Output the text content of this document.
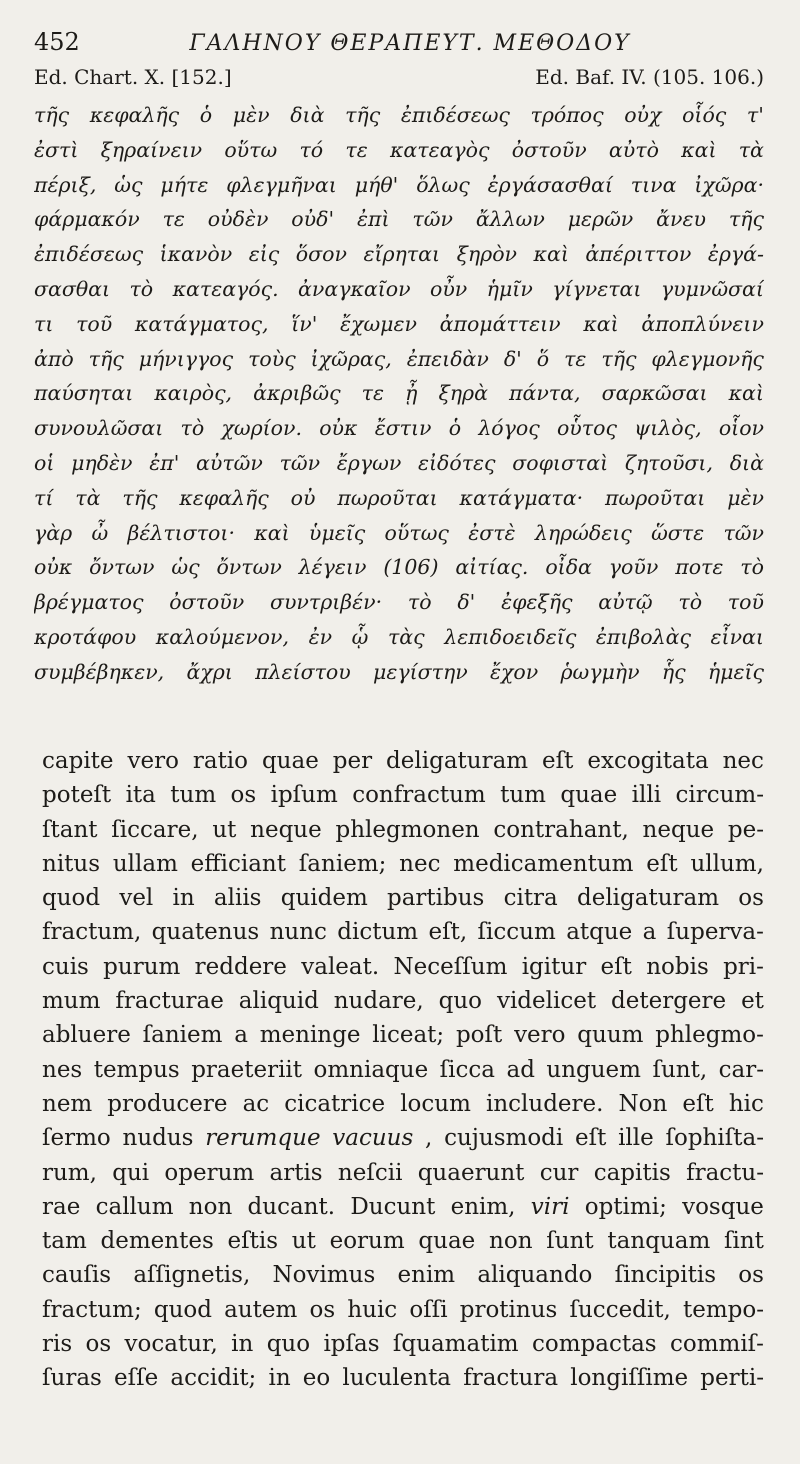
452	ΓΑΛΗΝΟΥ ΘΕΡΑΠΕΥΤ. ΜΕΘΟΔΟΥ
Ed. Chart. X. [152.]	Ed. Baf. IV. (105. 106.)
τῆς κεφαλῆς ὁ μὲν διὰ τῆς ἐπιδέσεως τρόπος οὐχ οἷός τ'
ἐστὶ ξηραίνειν οὕτω τό τε κατεαγὸς ὀστοῦν αὐτὸ καὶ τὰ
πέριξ, ὡς μήτε φλεγμῆναι μήθ' ὅλως ἐργάσασθαί τινα ἰχῶρα·
φάρμακόν τε οὐδὲν οὐδ' ἐπὶ τῶν ἄλλων μερῶν ἄνευ τῆς
ἐπιδέσεως ἱκανὸν εἰς ὅσον εἴρηται ξηρὸν καὶ ἀπέριττον ἐργά-
σασθαι τὸ κατεαγός. ἀναγκαῖον οὖν ἡμῖν γίγνεται γυμνῶσαί
τι τοῦ κατάγματος, ἵν' ἔχωμεν ἀπομάττειν καὶ ἀποπλύνειν
ἀπὸ τῆς μήνιγγος τοὺς ἰχῶρας, ἐπειδὰν δ' ὅ τε τῆς φλεγμονῆς
παύσηται καιρὸς, ἀκριβῶς τε ᾖ ξηρὰ πάντα, σαρκῶσαι καὶ
συνουλῶσαι τὸ χωρίον. οὐκ ἔστιν ὁ λόγος οὗτος ψιλὸς, οἷον
οἱ μηδὲν ἐπ' αὐτῶν τῶν ἔργων εἰδότες σοφισταὶ ζητοῦσι, διὰ
τί τὰ τῆς κεφαλῆς οὐ πωροῦται κατάγματα· πωροῦται μὲν
γὰρ ὦ βέλτιστοι· καὶ ὑμεῖς οὕτως ἐστὲ ληρώδεις ὥστε τῶν
οὐκ ὄντων ὡς ὄντων λέγειν (106) αἰτίας. οἶδα γοῦν ποτε τὸ
βρέγματος ὀστοῦν συντριβέν· τὸ δ' ἐφεξῆς αὐτῷ τὸ τοῦ
κροτάφου καλούμενον, ἐν ᾧ τὰς λεπιδοειδεῖς ἐπιβολὰς εἶναι
συμβέβηκεν, ἄχρι πλείστου μεγίστην ἔχον ῥωγμὴν ἧς ἡμεῖς
capite vero ratio quae per deligaturam eſt excogitata nec
poteſt ita tum os ipſum confractum tum quae illi circum-
ſtant ſiccare, ut neque phlegmonen contrahant, neque pe-
nitus ullam efficiant ſaniem; nec medicamentum eſt ullum,
quod vel in aliis quidem partibus citra deligaturam os
fractum, quatenus nunc dictum eſt, ſiccum atque a ſuperva-
cuis purum reddere valeat. Neceſſum igitur eſt nobis pri-
mum fracturae aliquid nudare, quo videlicet detergere et
abluere ſaniem a meninge liceat; poſt vero quum phlegmo-
nes tempus praeteriit omniaque ſicca ad unguem ſunt, car-
nem producere ac cicatrice locum includere. Non eſt hic
ſermo nudus rerumque vacuus , cujusmodi eſt ille ſophiſta-
rum, qui operum artis neſcii quaerunt cur capitis fractu-
rae callum non ducant. Ducunt enim, viri optimi; vosque
tam dementes eſtis ut eorum quae non ſunt tanquam ſint
cauſis aſſignetis, Novimus enim aliquando ſincipitis os
fractum; quod autem os huic oſſi protinus ſuccedit, tempo-
ris os vocatur, in quo ipſas ſquamatim compactas commiſ-
ſuras eſſe accidit; in eo luculenta fractura longiſſime perti-
